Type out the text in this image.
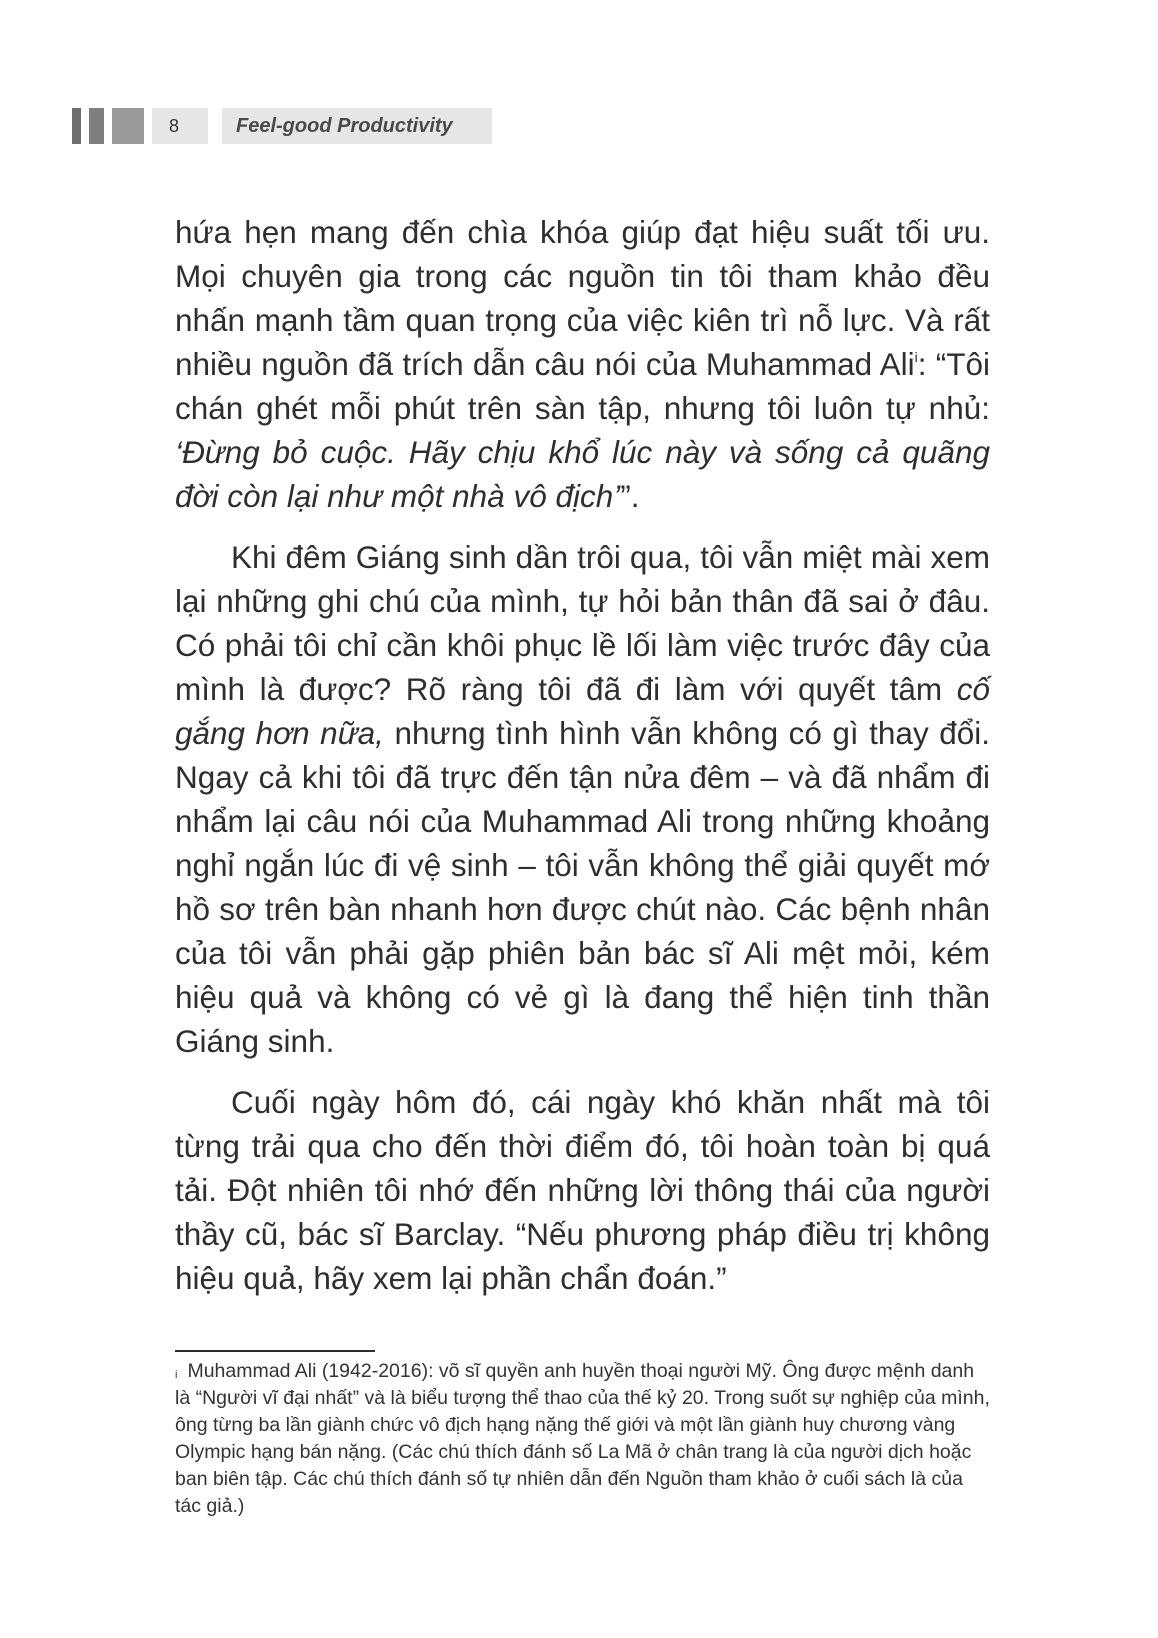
8	Feel-good Productivity

hứa hẹn mang đến chìa khóa giúp đạt hiệu suất tối ưu. Mọi chuyên gia trong các nguồn tin tôi tham khảo đều nhấn mạnh tầm quan trọng của việc kiên trì nỗ lực. Và rất nhiều nguồn đã trích dẫn câu nói của Muhammad Ali$^i$: “Tôi chán ghét mỗi phút trên sàn tập, nhưng tôi luôn tự nhủ: ‘Đừng bỏ cuộc. Hãy chịu khổ lúc này và sống cả quãng đời còn lại như một nhà vô địch’”.

Khi đêm Giáng sinh dần trôi qua, tôi vẫn miệt mài xem lại những ghi chú của mình, tự hỏi bản thân đã sai ở đâu. Có phải tôi chỉ cần khôi phục lề lối làm việc trước đây của mình là được? Rõ ràng tôi đã đi làm với quyết tâm cố gắng hơn nữa, nhưng tình hình vẫn không có gì thay đổi. Ngay cả khi tôi đã trực đến tận nửa đêm – và đã nhẩm đi nhẩm lại câu nói của Muhammad Ali trong những khoảng nghỉ ngắn lúc đi vệ sinh – tôi vẫn không thể giải quyết mớ hồ sơ trên bàn nhanh hơn được chút nào. Các bệnh nhân của tôi vẫn phải gặp phiên bản bác sĩ Ali mệt mỏi, kém hiệu quả và không có vẻ gì là đang thể hiện tinh thần Giáng sinh.

Cuối ngày hôm đó, cái ngày khó khăn nhất mà tôi từng trải qua cho đến thời điểm đó, tôi hoàn toàn bị quá tải. Đột nhiên tôi nhớ đến những lời thông thái của người thầy cũ, bác sĩ Barclay. “Nếu phương pháp điều trị không hiệu quả, hãy xem lại phần chẩn đoán.”

$^i$ Muhammad Ali (1942-2016): võ sĩ quyền anh huyền thoại người Mỹ. Ông được mệnh danh là “Người vĩ đại nhất” và là biểu tượng thể thao của thế kỷ 20. Trong suốt sự nghiệp của mình, ông từng ba lần giành chức vô địch hạng nặng thế giới và một lần giành huy chương vàng Olympic hạng bán nặng. (Các chú thích đánh số La Mã ở chân trang là của người dịch hoặc ban biên tập. Các chú thích đánh số tự nhiên dẫn đến Nguồn tham khảo ở cuối sách là của tác giả.)
